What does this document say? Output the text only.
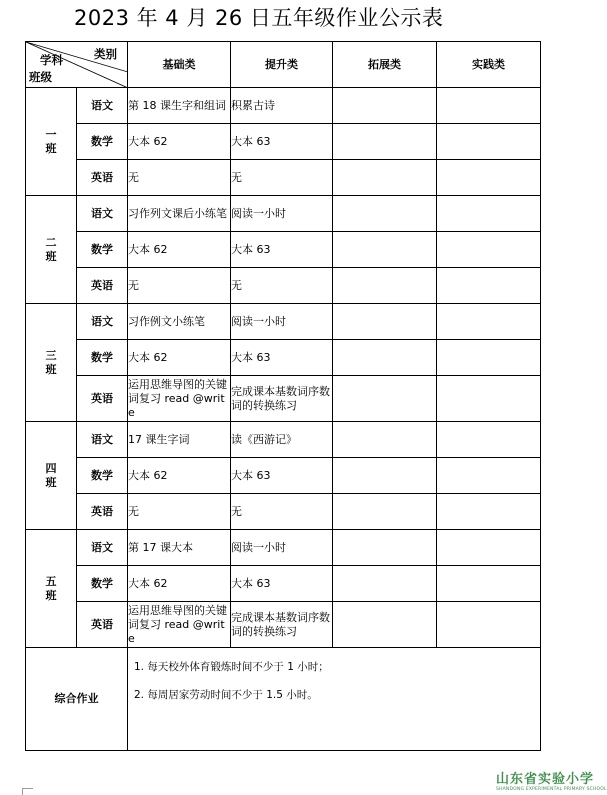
2023 年 4 月 26 日五年级作业公示表
类别
学科
班级		基础类	提升类	拓展类	实践类
一
班	语文	第 18 课生字和组词	积累古诗		
	数学	大本 62	大本 63		
	英语	无	无		
二
班	语文	习作列文课后小练笔	阅读一小时		
	数学	大本 62	大本 63		
	英语	无	无		
三
班	语文	习作例文小练笔	阅读一小时		
	数学	大本 62	大本 63		
	英语	运用思维导图的关键词复习 read @write	完成课本基数词序数词的转换练习		
四
班	语文	17 课生字词	读《西游记》		
	数学	大本 62	大本 63		
	英语	无	无		
五
班	语文	第 17 课大本	阅读一小时		
	数学	大本 62	大本 63		
	英语	运用思维导图的关键词复习 read @write	完成课本基数词序数词的转换练习		
综合作业		1. 每天校外体育锻炼时间不少于 1 小时；
2. 每周居家劳动时间不少于 1.5 小时。			
山东省实验小学
SHANDONG EXPERIMENTAL PRIMARY SCHOOL
